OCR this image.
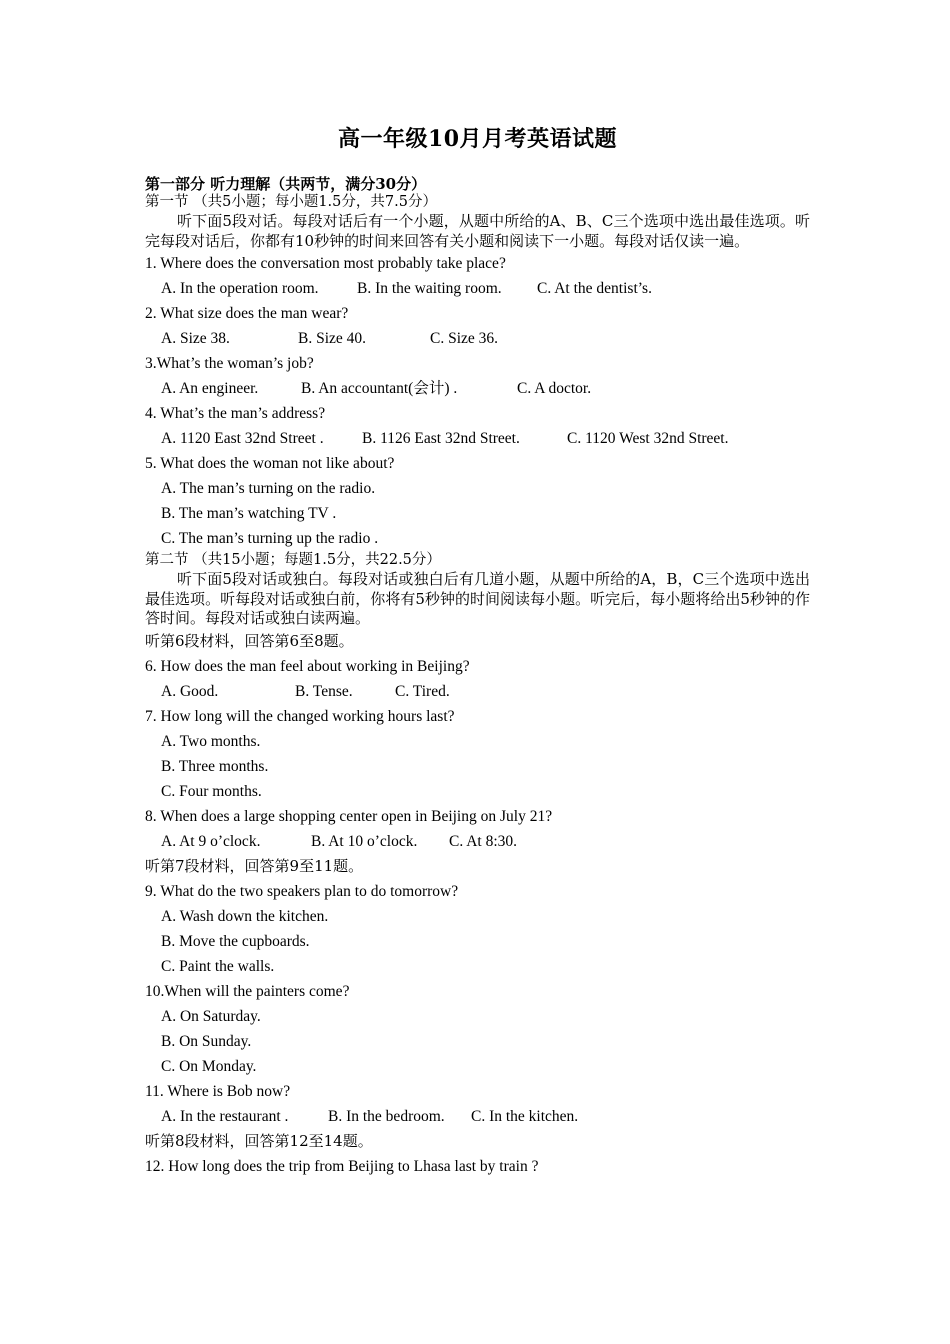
高一年级10月月考英语试题
第一部分 听力理解（共两节，满分30分）
第一节 （共5小题；每小题1.5分，共7.5分）
听下面5段对话。每段对话后有一个小题，从题中所给的A、B、C三个选项中选出最佳选项。听完每段对话后，你都有10秒钟的时间来回答有关小题和阅读下一小题。每段对话仅读一遍。
1. Where does the conversation most probably take place?
A. In the operation room. B. In the waiting room. C. At the dentist’s.
2. What size does the man wear?
A. Size 38.	B. Size 40.	C. Size 36.
3.What’s the woman’s job?
A. An engineer.	B. An accountant(会计) .	C. A doctor.
4. What’s the man’s address?
A. 1120 East 32nd Street . B. 1126 East 32nd Street.	C. 1120 West 32nd Street.
5. What does the woman not like about?
A. The man’s turning on the radio.
B. The man’s watching TV .
C. The man’s turning up the radio .
第二节 （共15小题；每题1.5分，共22.5分）
听下面5段对话或独白。每段对话或独白后有几道小题，从题中所给的A，B，C三个选项中选出最佳选项。听每段对话或独白前，你将有5秒钟的时间阅读每小题。听完后，每小题将给出5秒钟的作答时间。每段对话或独白读两遍。
听第6段材料，回答第6至8题。
6. How does the man feel about working in Beijing?
A. Good.	B. Tense.	C. Tired.
7. How long will the changed working hours last?
A. Two months.
B. Three months.
C. Four months.
8. When does a large shopping center open in Beijing on July 21?
A. At 9 o’clock.	B. At 10 o’clock. C. At 8:30.
听第7段材料，回答第9至11题。
9. What do the two speakers plan to do tomorrow?
A. Wash down the kitchen.
B. Move the cupboards.
C. Paint the walls.
10.When will the painters come?
A. On Saturday.
B. On Sunday.
C. On Monday.
11. Where is Bob now?
A. In the restaurant .	B. In the bedroom. C. In the kitchen.
听第8段材料，回答第12至14题。
12. How long does the trip from Beijing to Lhasa last by train ?
